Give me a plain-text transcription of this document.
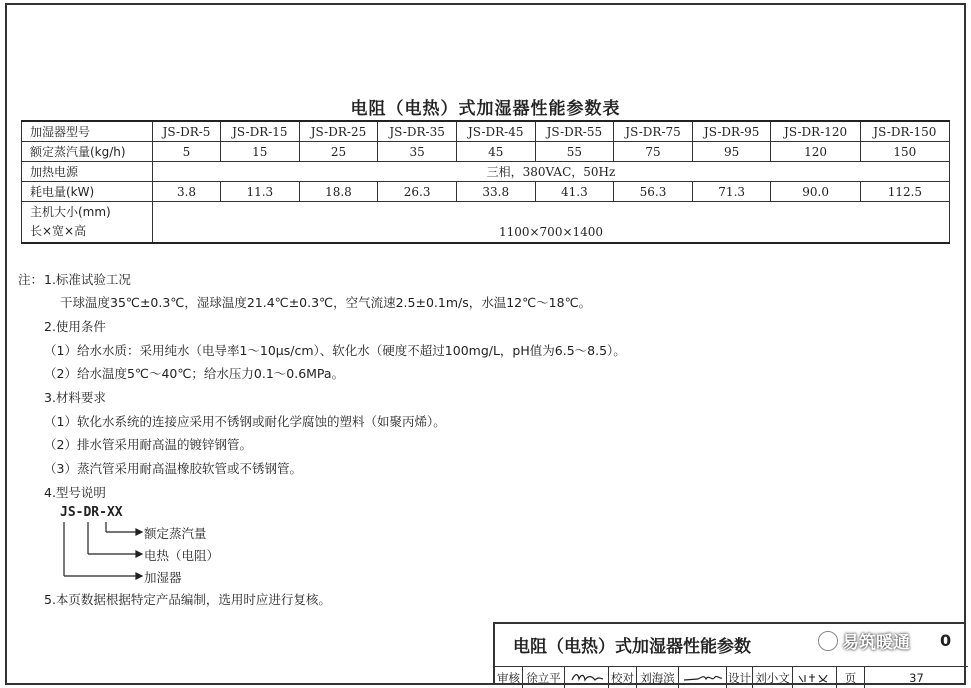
电阻（电热）式加湿器性能参数表
加湿器型号	JS-DR-5	JS-DR-15	JS-DR-25	JS-DR-35	JS-DR-45	JS-DR-55	JS-DR-75	JS-DR-95	JS-DR-120	JS-DR-150
额定蒸汽量(kg/h)	5	15	25	35	45	55	75	95	120	150
加热电源	三相，380VAC，50Hz									
耗电量(kW)	3.8	11.3	18.8	26.3	33.8	41.3	56.3	71.3	90.0	112.5

主机大小(mm)
长×宽×高	1100×700×1400									
注： 1.标准试验工况
干球温度35℃±0.3℃，湿球温度21.4℃±0.3℃，空气流速2.5±0.1m/s，水温12℃～18℃。
2.使用条件
（1）给水水质：采用纯水（电导率1～10μs/cm）、软化水（硬度不超过100mg/L，pH值为6.5～8.5）。
（2）给水温度5℃～40℃；给水压力0.1～0.6MPa。
3.材料要求
（1）软化水系统的连接应采用不锈钢或耐化学腐蚀的塑料（如聚丙烯）。
（2）排水管采用耐高温的镀锌钢管。
（3）蒸汽管采用耐高温橡胶软管或不锈钢管。
4.型号说明
5.本页数据根据特定产品编制，选用时应进行复核。
JS-DR-XX
额定蒸汽量
电热（电阻）
加湿器
电阻（电热）式加湿器性能参数
审核 徐立平	校对 刘海滨	设计 刘小文	页	37
易筑暖通 0
